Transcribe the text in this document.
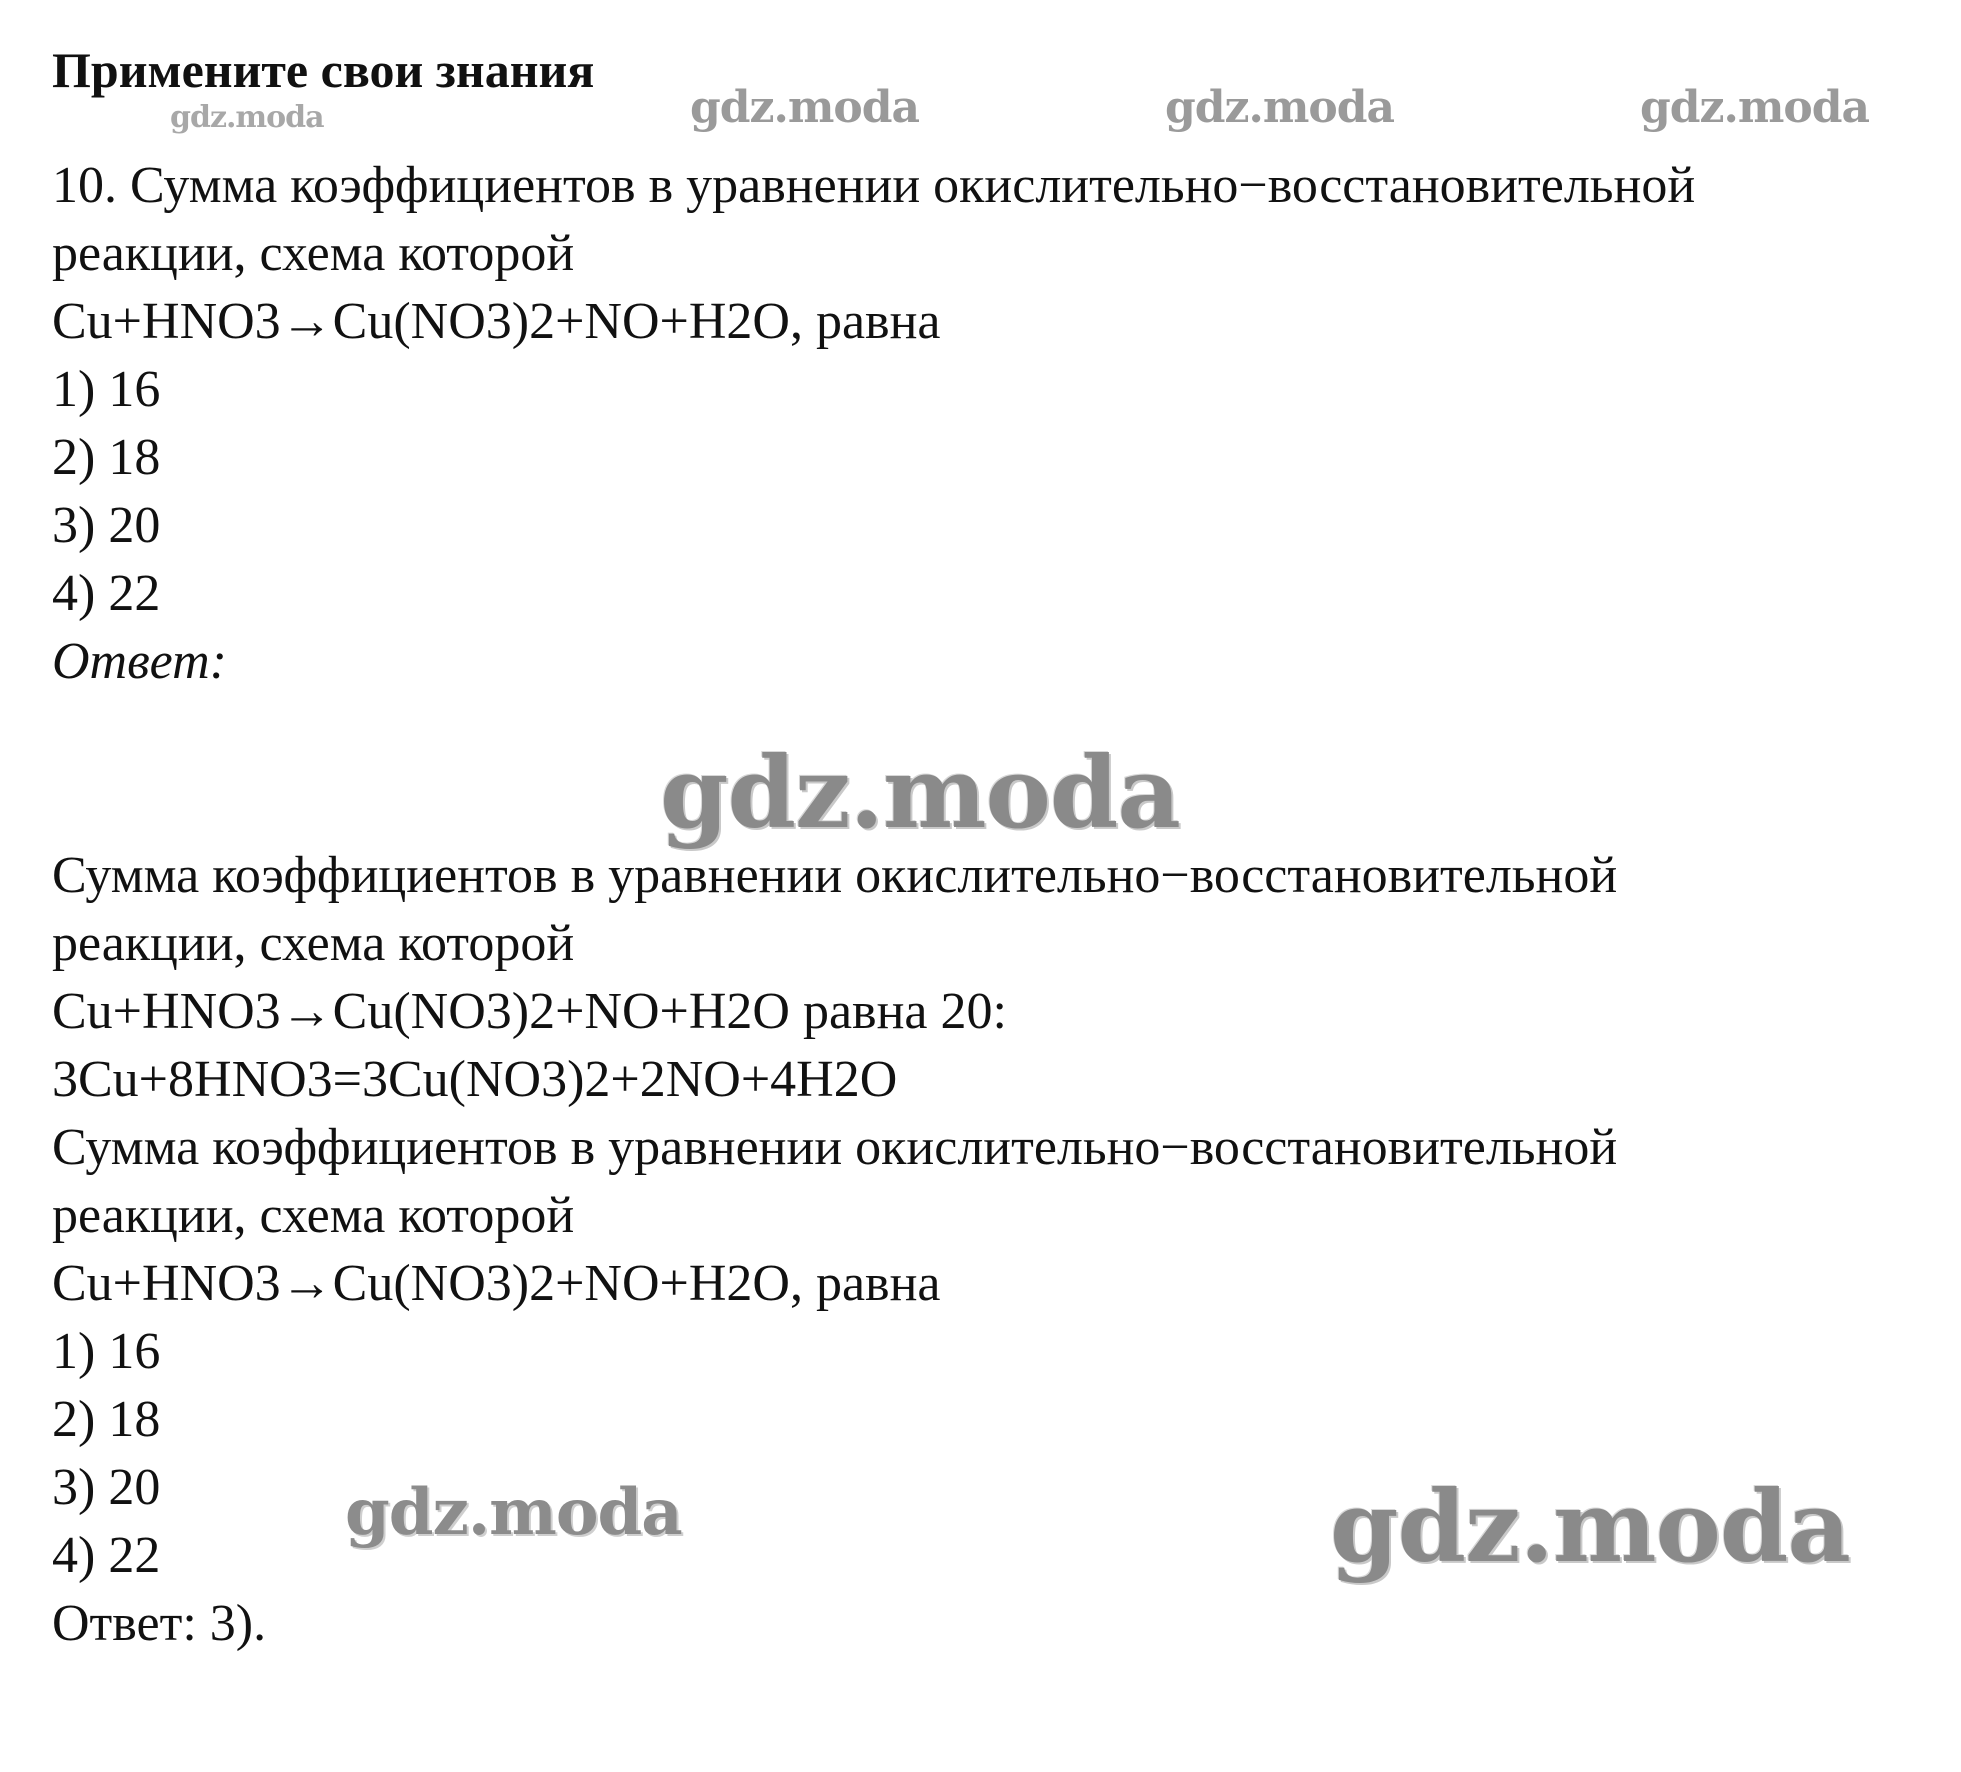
gdz.moda	gdz.moda	gdz.moda	gdz.moda
gdz.moda
gdz.moda	gdz.moda
Примените свои знания
10. Сумма коэффициентов в уравнении окислительно−восстановительной
реакции, схема которой
Cu+HNO3→Cu(NO3)2+NO+H2O, равна
1) 16
2) 18
3) 20
4) 22
Ответ:
Сумма коэффициентов в уравнении окислительно−восстановительной
реакции, схема которой
Cu+HNO3→Cu(NO3)2+NO+H2O равна 20:
3Cu+8HNO3=3Cu(NO3)2+2NO+4H2O
Сумма коэффициентов в уравнении окислительно−восстановительной
реакции, схема которой
Cu+HNO3→Cu(NO3)2+NO+H2O, равна
1) 16
2) 18
3) 20
4) 22
Ответ: 3).
